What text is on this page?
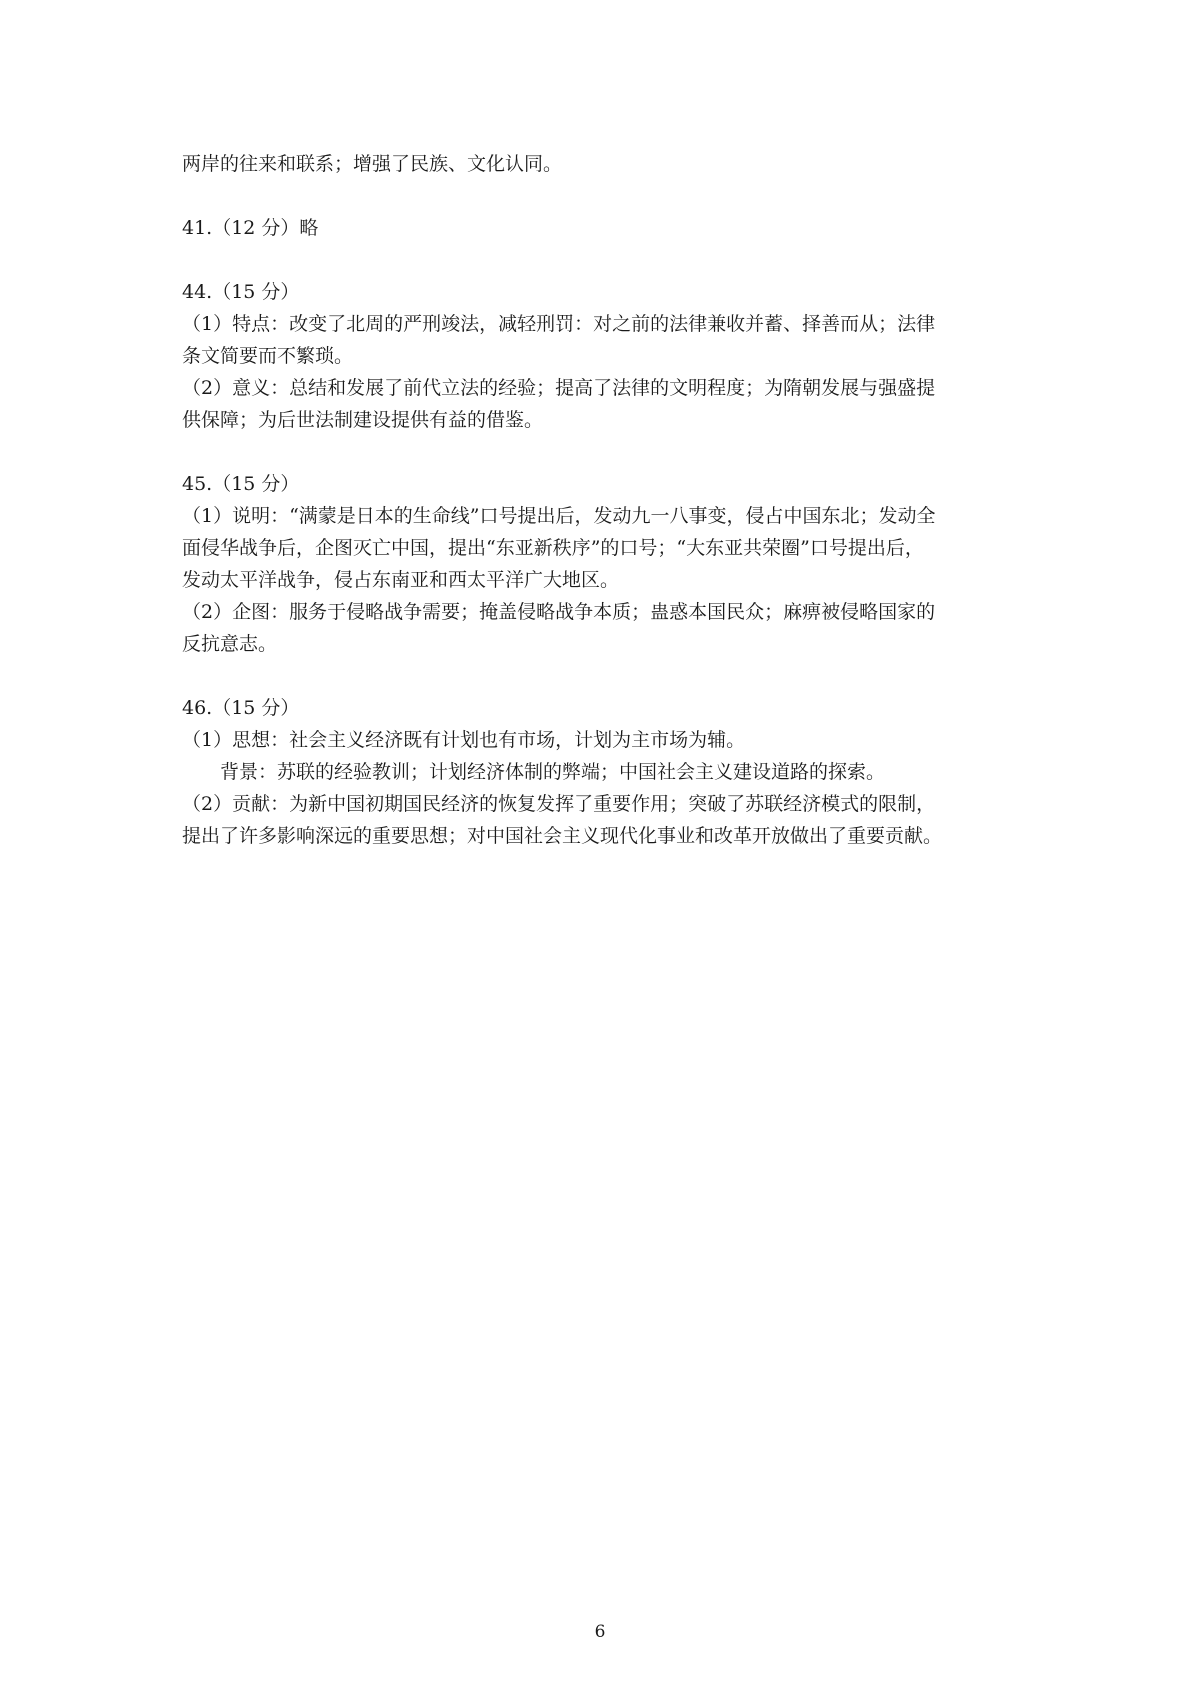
两岸的往来和联系；增强了民族、文化认同。

41.（12 分）略

44.（15 分）

（1）特点：改变了北周的严刑竣法，减轻刑罚：对之前的法律兼收并蓄、择善而从；法律

条文简要而不繁琐。

（2）意义：总结和发展了前代立法的经验；提高了法律的文明程度；为隋朝发展与强盛提

供保障；为后世法制建设提供有益的借鉴。

45.（15 分）

（1）说明：“满蒙是日本的生命线”口号提出后，发动九一八事变，侵占中国东北；发动全

面侵华战争后，企图灭亡中国，提出“东亚新秩序”的口号；“大东亚共荣圈”口号提出后，

发动太平洋战争，侵占东南亚和西太平洋广大地区。

（2）企图：服务于侵略战争需要；掩盖侵略战争本质；蛊惑本国民众；麻痹被侵略国家的

反抗意志。

46.（15 分）

（1）思想：社会主义经济既有计划也有市场，计划为主市场为辅。

背景：苏联的经验教训；计划经济体制的弊端；中国社会主义建设道路的探索。

（2）贡献：为新中国初期国民经济的恢复发挥了重要作用；突破了苏联经济模式的限制，

提出了许多影响深远的重要思想；对中国社会主义现代化事业和改革开放做出了重要贡献。

6
